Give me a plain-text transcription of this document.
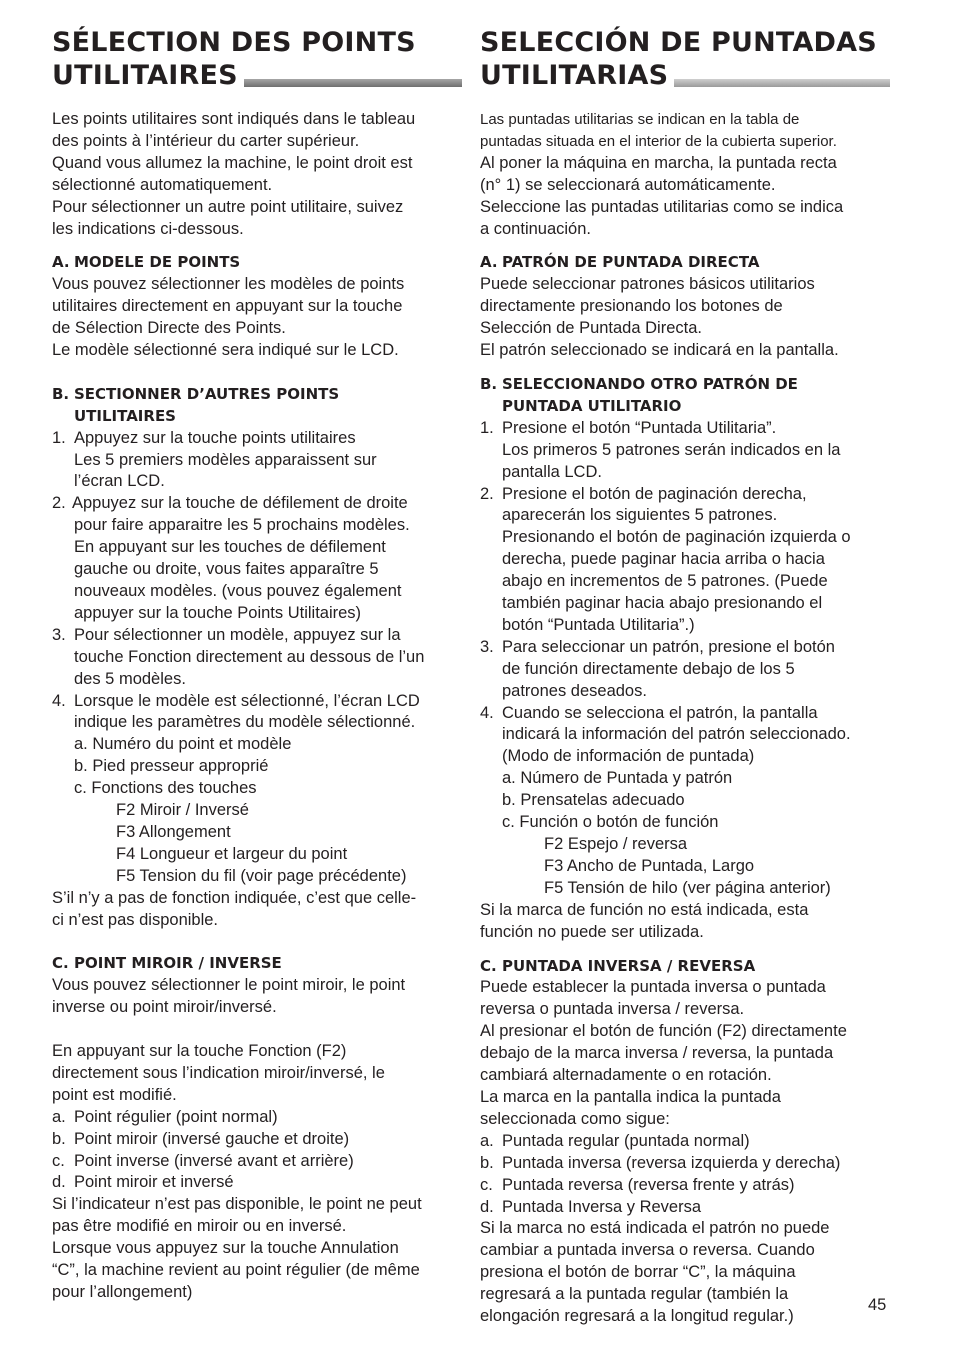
SÉLECTION DES POINTS
UTILITAIRES
Les points utilitaires sont indiqués dans le tableau
des points à l’intérieur du carter supérieur.
Quand vous allumez la machine, le point droit est
sélectionné automatiquement.
Pour sélectionner un autre point utilitaire, suivez
les indications ci-dessous.
A. MODELE DE POINTS
Vous pouvez sélectionner les modèles de points
utilitaires directement en appuyant sur la touche
de Sélection Directe des Points.
Le modèle sélectionné sera indiqué sur le LCD.
B. SECTIONNER D’AUTRES POINTS
UTILITAIRES
1. Appuyez sur la touche points utilitaires
Les 5 premiers modèles apparaissent sur
l’écran LCD.
2. Appuyez sur la touche de défilement de droite
pour faire apparaitre les 5 prochains modèles.
En appuyant sur les touches de défilement
gauche ou droite, vous faites apparaître 5
nouveaux modèles. (vous pouvez également
appuyer sur la touche Points Utilitaires)
3. Pour sélectionner un modèle, appuyez sur la
touche Fonction directement au dessous de l’un
des 5 modèles.
4. Lorsque le modèle est sélectionné, l’écran LCD
indique les paramètres du modèle sélectionné.
a. Numéro du point et modèle
b. Pied presseur approprié
c. Fonctions des touches
F2 Miroir / Inversé
F3 Allongement
F4 Longueur et largeur du point
F5 Tension du fil (voir page précédente)
S’il n’y a pas de fonction indiquée, c’est que celle-
ci n’est pas disponible.
C. POINT MIROIR / INVERSE
Vous pouvez sélectionner le point miroir, le point
inverse ou point miroir/inversé.
En appuyant sur la touche Fonction (F2)
directement sous l’indication miroir/inversé, le
point est modifié.
a. Point régulier (point normal)
b. Point miroir (inversé gauche et droite)
c. Point inverse (inversé avant et arrière)
d. Point miroir et inversé
Si l’indicateur n’est pas disponible, le point ne peut
pas être modifié en miroir ou en inversé.
Lorsque vous appuyez sur la touche Annulation
“C”, la machine revient au point régulier (de même
pour l’allongement)
SELECCIÓN DE PUNTADAS
UTILITARIAS
Las puntadas utilitarias se indican en la tabla de
puntadas situada en el interior de la cubierta superior.
Al poner la máquina en marcha, la puntada recta
(n° 1) se seleccionará automáticamente.
Seleccione las puntadas utilitarias como se indica
a continuación.
A. PATRÓN DE PUNTADA DIRECTA
Puede seleccionar patrones básicos utilitarios
directamente presionando los botones de
Selección de Puntada Directa.
El patrón seleccionado se indicará en la pantalla.
B. SELECCIONANDO OTRO PATRÓN DE
PUNTADA UTILITARIO
1. Presione el botón “Puntada Utilitaria”.
Los primeros 5 patrones serán indicados en la
pantalla LCD.
2. Presione el botón de paginación derecha,
aparecerán los siguientes 5 patrones.
Presionando el botón de paginación izquierda o
derecha, puede paginar hacia arriba o hacia
abajo en incrementos de 5 patrones. (Puede
también paginar hacia abajo presionando el
botón “Puntada Utilitaria”.)
3. Para seleccionar un patrón, presione el botón
de función directamente debajo de los 5
patrones deseados.
4. Cuando se selecciona el patrón, la pantalla
indicará la información del patrón seleccionado.
(Modo de información de puntada)
a. Número de Puntada y patrón
b. Prensatelas adecuado
c. Función o botón de función
F2 Espejo / reversa
F3 Ancho de Puntada, Largo
F5 Tensión de hilo (ver página anterior)
Si la marca de función no está indicada, esta
función no puede ser utilizada.
C. PUNTADA INVERSA / REVERSA
Puede establecer la puntada inversa o puntada
reversa o puntada inversa / reversa.
Al presionar el botón de función (F2) directamente
debajo de la marca inversa / reversa, la puntada
cambiará alternadamente o en rotación.
La marca en la pantalla indica la puntada
seleccionada como sigue:
a. Puntada regular (puntada normal)
b. Puntada inversa (reversa izquierda y derecha)
c. Puntada reversa (reversa frente y atrás)
d. Puntada Inversa y Reversa
Si la marca no está indicada el patrón no puede
cambiar a puntada inversa o reversa. Cuando
presiona el botón de borrar “C”, la máquina
regresará a la puntada regular (también la
elongación regresará a la longitud regular.)
45
